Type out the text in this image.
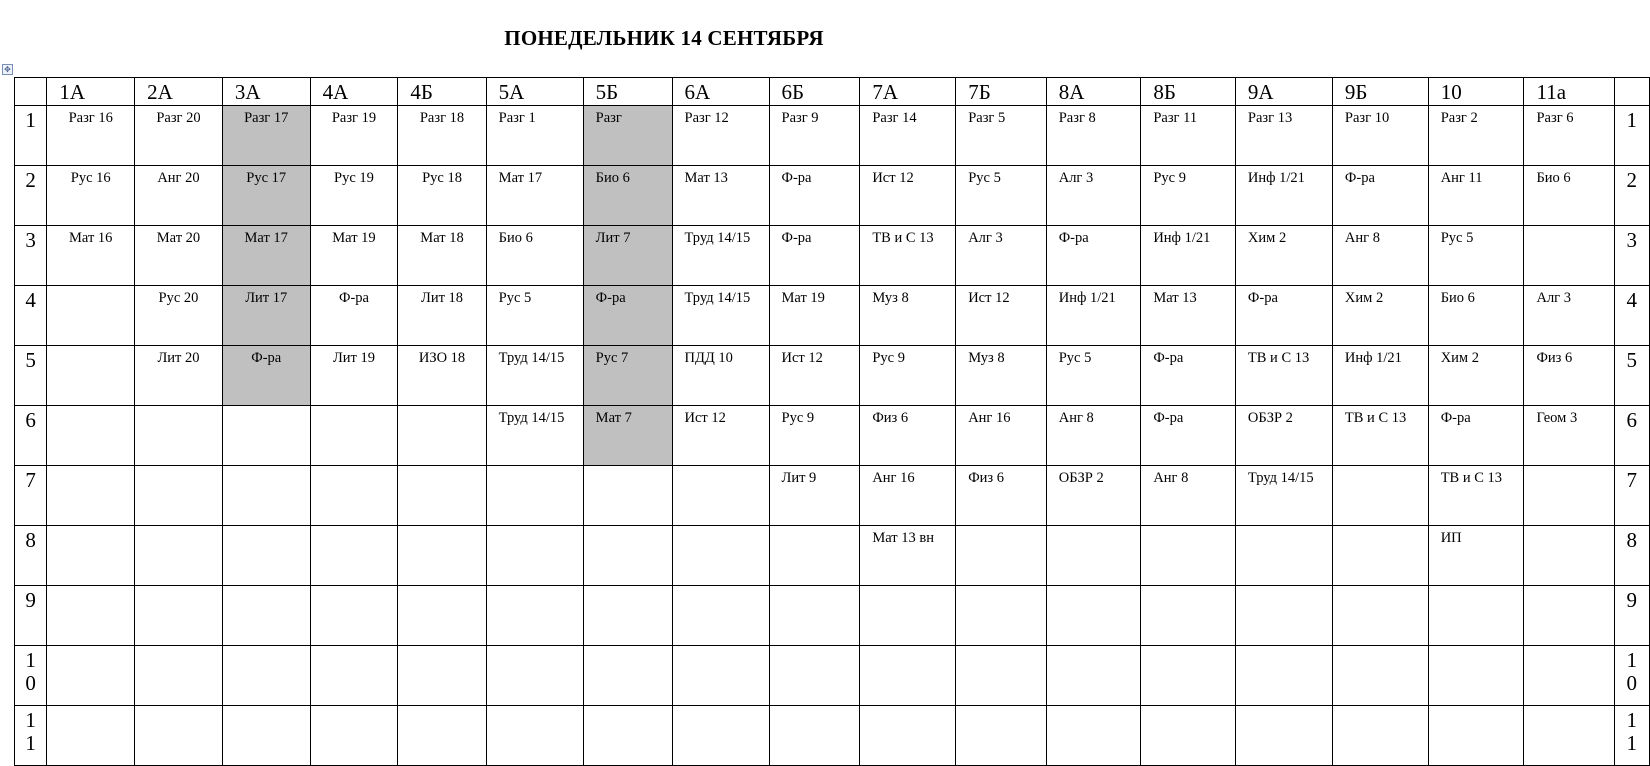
ПОНЕДЕЛЬНИК 14 СЕНТЯБРЯ
✥
	1А	2А	3А	4А	4Б	5А	5Б	6А	6Б	7А	7Б	8А	8Б	9А	9Б	10	11а	

1	Разг 16	Разг 20	Разг 17	Разг 19	Разг 18	Разг 1	Разг	Разг 12	Разг 9	Разг 14	Разг 5	Разг 8	Разг 11	Разг 13	Разг 10	Разг 2	Разг 6	1

2	Рус 16	Анг 20	Рус 17	Рус 19	Рус 18	Мат 17	Био 6	Мат 13	Ф-ра	Ист 12	Рус 5	Алг 3	Рус 9	Инф 1/21	Ф-ра	Анг 11	Био 6	2

3	Мат 16	Мат 20	Мат 17	Мат 19	Мат 18	Био 6	Лит 7	Труд 14/15	Ф-ра	ТВ и С 13	Алг 3	Ф-ра	Инф 1/21	Хим 2	Анг 8	Рус 5		3

4		Рус 20	Лит 17	Ф-ра	Лит 18	Рус 5	Ф-ра	Труд 14/15	Мат 19	Муз 8	Ист 12	Инф 1/21	Мат 13	Ф-ра	Хим 2	Био 6	Алг 3	4

5		Лит 20	Ф-ра	Лит 19	ИЗО 18	Труд 14/15	Рус 7	ПДД 10	Ист 12	Рус 9	Муз 8	Рус 5	Ф-ра	ТВ и С 13	Инф 1/21	Хим 2	Физ 6	5

6						Труд 14/15	Мат 7	Ист 12	Рус 9	Физ 6	Анг 16	Анг 8	Ф-ра	ОБЗР 2	ТВ и С 13	Ф-ра	Геом 3	6

7									Лит 9	Анг 16	Физ 6	ОБЗР 2	Анг 8	Труд 14/15		ТВ и С 13		7

8										Мат 13 вн						ИП		8

9																		9

10																		10

11																		11
